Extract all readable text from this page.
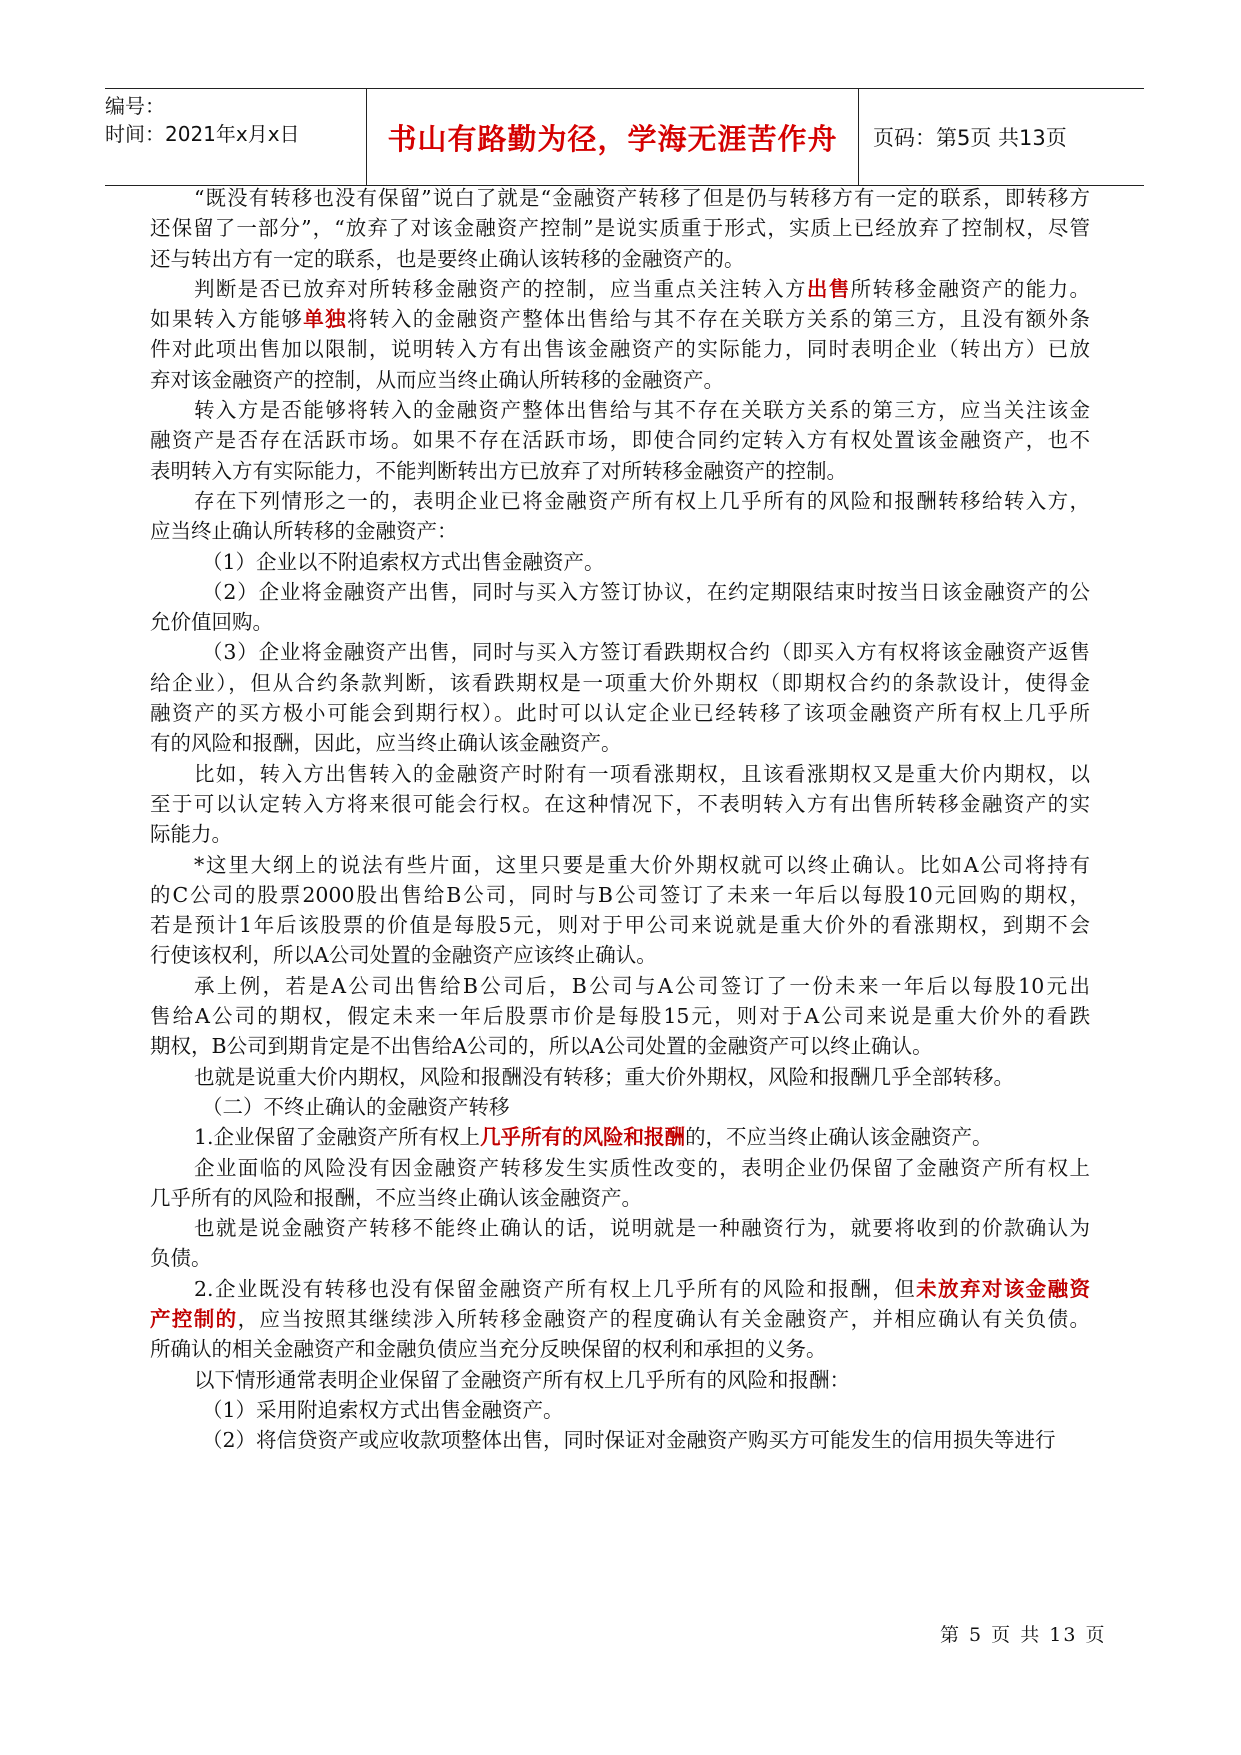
编号：
时间：2021年x月x日	书山有路勤为径，学海无涯苦作舟	页码：第5页 共13页
“既没有转移也没有保留”说白了就是“金融资产转移了但是仍与转移方有一定的联系，即转移方
还保留了一部分”，“放弃了对该金融资产控制”是说实质重于形式，实质上已经放弃了控制权，尽管
还与转出方有一定的联系，也是要终止确认该转移的金融资产的。
判断是否已放弃对所转移金融资产的控制，应当重点关注转入方出售所转移金融资产的能力。
如果转入方能够单独将转入的金融资产整体出售给与其不存在关联方关系的第三方，且没有额外条
件对此项出售加以限制，说明转入方有出售该金融资产的实际能力，同时表明企业（转出方）已放
弃对该金融资产的控制，从而应当终止确认所转移的金融资产。
转入方是否能够将转入的金融资产整体出售给与其不存在关联方关系的第三方，应当关注该金
融资产是否存在活跃市场。如果不存在活跃市场，即使合同约定转入方有权处置该金融资产，也不
表明转入方有实际能力，不能判断转出方已放弃了对所转移金融资产的控制。
存在下列情形之一的，表明企业已将金融资产所有权上几乎所有的风险和报酬转移给转入方，
应当终止确认所转移的金融资产：
（1）企业以不附追索权方式出售金融资产。
（2）企业将金融资产出售，同时与买入方签订协议，在约定期限结束时按当日该金融资产的公
允价值回购。
（3）企业将金融资产出售，同时与买入方签订看跌期权合约（即买入方有权将该金融资产返售
给企业），但从合约条款判断，该看跌期权是一项重大价外期权（即期权合约的条款设计，使得金
融资产的买方极小可能会到期行权）。此时可以认定企业已经转移了该项金融资产所有权上几乎所
有的风险和报酬，因此，应当终止确认该金融资产。
比如，转入方出售转入的金融资产时附有一项看涨期权，且该看涨期权又是重大价内期权，以
至于可以认定转入方将来很可能会行权。在这种情况下，不表明转入方有出售所转移金融资产的实
际能力。
*这里大纲上的说法有些片面，这里只要是重大价外期权就可以终止确认。比如A公司将持有
的C公司的股票2000股出售给B公司，同时与B公司签订了未来一年后以每股10元回购的期权，
若是预计1年后该股票的价值是每股5元，则对于甲公司来说就是重大价外的看涨期权，到期不会
行使该权利，所以A公司处置的金融资产应该终止确认。
承上例，若是A公司出售给B公司后，B公司与A公司签订了一份未来一年后以每股10元出
售给A公司的期权，假定未来一年后股票市价是每股15元，则对于A公司来说是重大价外的看跌
期权，B公司到期肯定是不出售给A公司的，所以A公司处置的金融资产可以终止确认。
也就是说重大价内期权，风险和报酬没有转移；重大价外期权，风险和报酬几乎全部转移。
（二）不终止确认的金融资产转移
1.企业保留了金融资产所有权上几乎所有的风险和报酬的，不应当终止确认该金融资产。
企业面临的风险没有因金融资产转移发生实质性改变的，表明企业仍保留了金融资产所有权上
几乎所有的风险和报酬，不应当终止确认该金融资产。
也就是说金融资产转移不能终止确认的话，说明就是一种融资行为，就要将收到的价款确认为
负债。
2.企业既没有转移也没有保留金融资产所有权上几乎所有的风险和报酬，但未放弃对该金融资
产控制的，应当按照其继续涉入所转移金融资产的程度确认有关金融资产，并相应确认有关负债。
所确认的相关金融资产和金融负债应当充分反映保留的权利和承担的义务。
以下情形通常表明企业保留了金融资产所有权上几乎所有的风险和报酬：
（1）采用附追索权方式出售金融资产。
（2）将信贷资产或应收款项整体出售，同时保证对金融资产购买方可能发生的信用损失等进行
第 5 页 共 13 页
